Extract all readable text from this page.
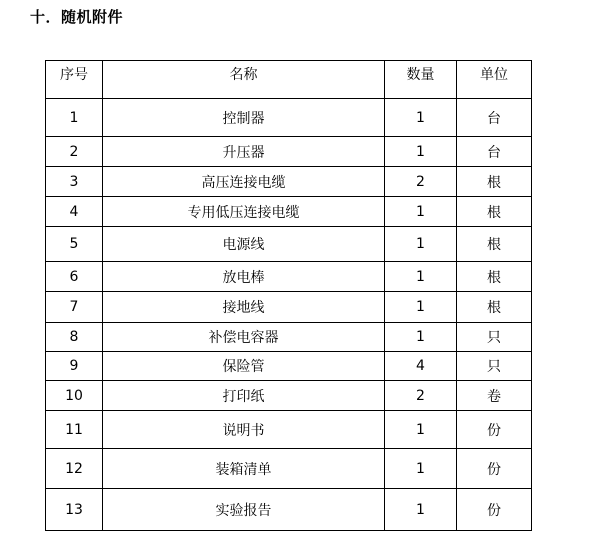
十．随机附件
序号	名称	数量	单位
1	控制器	1	台
2	升压器	1	台
3	高压连接电缆	2	根
4	专用低压连接电缆	1	根
5	电源线	1	根
6	放电棒	1	根
7	接地线	1	根
8	补偿电容器	1	只
9	保险管	4	只
10	打印纸	2	卷
11	说明书	1	份
12	装箱清单	1	份
13	实验报告	1	份
